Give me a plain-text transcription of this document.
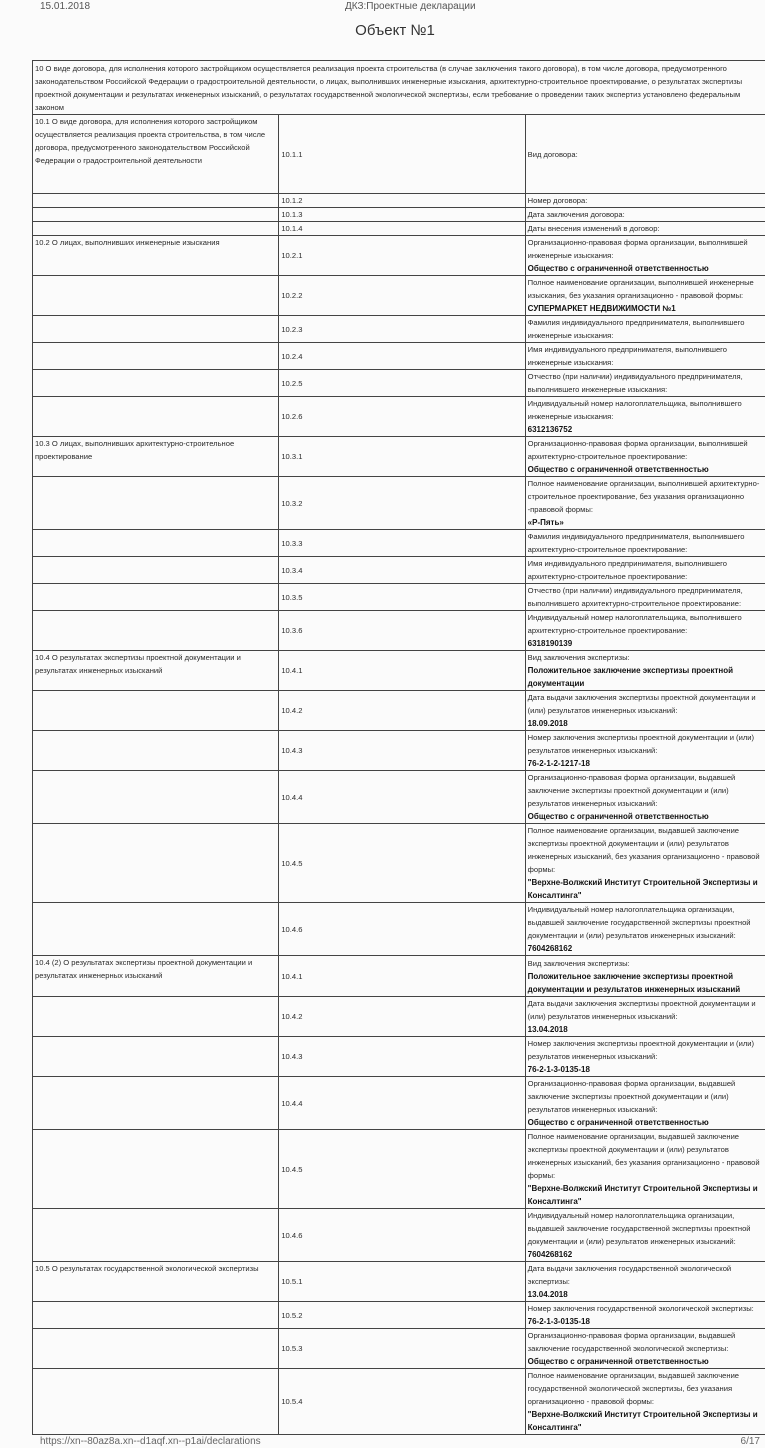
15.01.2018	ДКЗ:Проектные декларации
Объект №1
10 О виде договора, для исполнения которого застройщиком осуществляется реализация проекта строительства (в случае заключения такого договора), в том числе договора, предусмотренного законодательством Российской Федерации о градостроительной деятельности, о лицах, выполнивших инженерные изыскания, архитектурно-строительное проектирование, о результатах экспертизы проектной документации и результатах инженерных изысканий, о результатах государственной экологической экспертизы, если требование о проведении таких экспертиз установлено федеральным законом		
10.1 О виде договора, для исполнения которого застройщиком осуществляется реализация проекта строительства, в том числе договора, предусмотренного законодательством Российской Федерации о градостроительной деятельности	10.1.1	Вид договора:

	10.1.2	Номер договора:

	10.1.3	Дата заключения договора:

	10.1.4	Даты внесения изменений в договор:

10.2 О лицах, выполнивших инженерные изыскания	10.2.1	Организационно-правовая форма организации, выполнившей инженерные изыскания:
Общество с ограниченной ответственностью

	10.2.2	Полное наименование организации, выполнившей инженерные изыскания, без указания организационно - правовой формы:
СУПЕРМАРКЕТ НЕДВИЖИМОСТИ №1

	10.2.3	Фамилия индивидуального предпринимателя, выполнившего инженерные изыскания:

	10.2.4	Имя индивидуального предпринимателя, выполнившего инженерные изыскания:

	10.2.5	Отчество (при наличии) индивидуального предпринимателя, выполнившего инженерные изыскания:

	10.2.6	Индивидуальный номер налогоплательщика, выполнившего инженерные изыскания:
6312136752

10.3 О лицах, выполнивших архитектурно-строительное проектирование	10.3.1	Организационно-правовая форма организации, выполнившей архитектурно-строительное проектирование:
Общество с ограниченной ответственностью

	10.3.2	Полное наименование организации, выполнившей архитектурно-строительное проектирование, без указания организационно -правовой формы:
«Р-Пять»

	10.3.3	Фамилия индивидуального предпринимателя, выполнившего архитектурно-строительное проектирование:

	10.3.4	Имя индивидуального предпринимателя, выполнившего архитектурно-строительное проектирование:

	10.3.5	Отчество (при наличии) индивидуального предпринимателя, выполнившего архитектурно-строительное проектирование:

	10.3.6	Индивидуальный номер налогоплательщика, выполнившего архитектурно-строительное проектирование:
6318190139

10.4 О результатах экспертизы проектной документации и результатах инженерных изысканий	10.4.1	Вид заключения экспертизы:
Положительное заключение экспертизы проектной документации

	10.4.2	Дата выдачи заключения экспертизы проектной документации и (или) результатов инженерных изысканий:
18.09.2018

	10.4.3	Номер заключения экспертизы проектной документации и (или) результатов инженерных изысканий:
76-2-1-2-1217-18

	10.4.4	Организационно-правовая форма организации, выдавшей заключение экспертизы проектной документации и (или) результатов инженерных изысканий:
Общество с ограниченной ответственностью

	10.4.5	Полное наименование организации, выдавшей заключение экспертизы проектной документации и (или) результатов инженерных изысканий, без указания организационно - правовой формы:
"Верхне-Волжский Институт Строительной Экспертизы и Консалтинга"

	10.4.6	Индивидуальный номер налогоплательщика организации, выдавшей заключение государственной экспертизы проектной документации и (или) результатов инженерных изысканий:
7604268162

10.4 (2) О результатах экспертизы проектной документации и результатах инженерных изысканий	10.4.1	Вид заключения экспертизы:
Положительное заключение экспертизы проектной документации и результатов инженерных изысканий

	10.4.2	Дата выдачи заключения экспертизы проектной документации и (или) результатов инженерных изысканий:
13.04.2018

	10.4.3	Номер заключения экспертизы проектной документации и (или) результатов инженерных изысканий:
76-2-1-3-0135-18

	10.4.4	Организационно-правовая форма организации, выдавшей заключение экспертизы проектной документации и (или) результатов инженерных изысканий:
Общество с ограниченной ответственностью

	10.4.5	Полное наименование организации, выдавшей заключение экспертизы проектной документации и (или) результатов инженерных изысканий, без указания организационно - правовой формы:
"Верхне-Волжский Институт Строительной Экспертизы и Консалтинга"

	10.4.6	Индивидуальный номер налогоплательщика организации, выдавшей заключение государственной экспертизы проектной документации и (или) результатов инженерных изысканий:
7604268162

10.5 О результатах государственной экологической экспертизы	10.5.1	Дата выдачи заключения государственной экологической экспертизы:
13.04.2018

	10.5.2	Номер заключения государственной экологической экспертизы:
76-2-1-3-0135-18

	10.5.3	Организационно-правовая форма организации, выдавшей заключение государственной экологической экспертизы:
Общество с ограниченной ответственностью

	10.5.4	Полное наименование организации, выдавшей заключение государственной экологической экспертизы, без указания организационно - правовой формы:
"Верхне-Волжский Институт Строительной Экспертизы и Консалтинга"
https://xn--80az8a.xn--d1aqf.xn--p1ai/declarations	6/17
